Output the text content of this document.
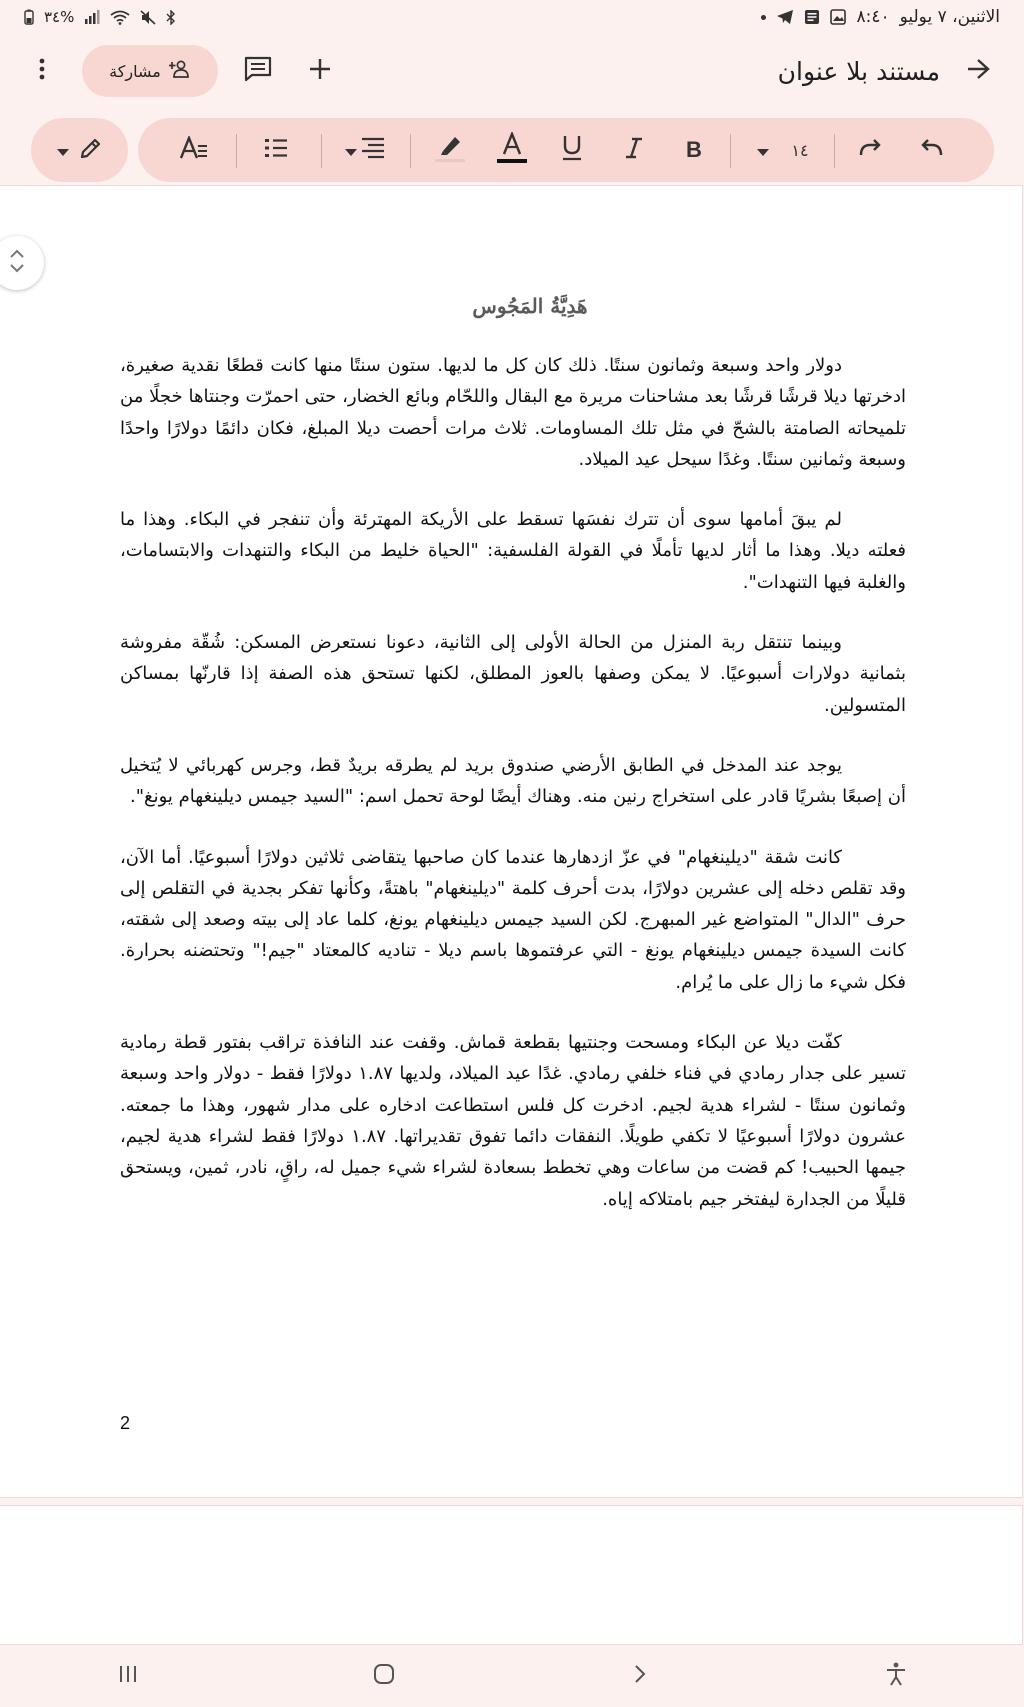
٣٤%	٨:٤٠ الاثنين، ٧ يوليو
مشاركة	مستند بلا عنوان
B	١٤
هَدِيَّةُ المَجُوس

دولار واحد وسبعة وثمانون سنتًا. ذلك كان كل ما لديها. ستون سنتًا منها كانت قطعًا نقدية صغيرة، ادخرتها ديلا قرشًا قرشًا بعد مشاحنات مريرة مع البقال واللحّام وبائع الخضار، حتى احمرّت وجنتاها خجلًا من تلميحاته الصامتة بالشحّ في مثل تلك المساومات. ثلاث مرات أحصت ديلا المبلغ، فكان دائمًا دولارًا واحدًا وسبعة وثمانين سنتًا. وغدًا سيحل عيد الميلاد.

لم يبقَ أمامها سوى أن تترك نفسَها تسقط على الأريكة المهترئة وأن تنفجر في البكاء. وهذا ما فعلته ديلا. وهذا ما أثار لديها تأملًا في القولة الفلسفية: "الحياة خليط من البكاء والتنهدات والابتسامات، والغلبة فيها التنهدات".

وبينما تنتقل ربة المنزل من الحالة الأولى إلى الثانية، دعونا نستعرض المسكن: شُقّة مفروشة بثمانية دولارات أسبوعيًا. لا يمكن وصفها بالعوز المطلق، لكنها تستحق هذه الصفة إذا قارنّها بمساكن المتسولين.

يوجد عند المدخل في الطابق الأرضي صندوق بريد لم يطرقه بريدٌ قط، وجرس كهربائي لا يُتخيل أن إصبعًا بشريًا قادر على استخراج رنين منه. وهناك أيضًا لوحة تحمل اسم: "السيد جيمس ديلينغهام يونغ".

كانت شقة "ديلينغهام" في عزّ ازدهارها عندما كان صاحبها يتقاضى ثلاثين دولارًا أسبوعيًا. أما الآن، وقد تقلص دخله إلى عشرين دولارًا، بدت أحرف كلمة "ديلينغهام" باهتةً، وكأنها تفكر بجدية في التقلص إلى حرف "الدال" المتواضع غير المبهرج. لكن السيد جيمس ديلينغهام يونغ، كلما عاد إلى بيته وصعد إلى شقته، كانت السيدة جيمس ديلينغهام يونغ - التي عرفتموها باسم ديلا - تناديه كالمعتاد "جيم!" وتحتضنه بحرارة. فكل شيء ما زال على ما يُرام.

كفّت ديلا عن البكاء ومسحت وجنتيها بقطعة قماش. وقفت عند النافذة تراقب بفتور قطة رمادية تسير على جدار رمادي في فناء خلفي رمادي. غدًا عيد الميلاد، ولديها ١.٨٧ دولارًا فقط - دولار واحد وسبعة وثمانون سنتًا - لشراء هدية لجيم. ادخرت كل فلس استطاعت ادخاره على مدار شهور، وهذا ما جمعته. عشرون دولارًا أسبوعيًا لا تكفي طويلًا. النفقات دائما تفوق تقديراتها. ١.٨٧ دولارًا فقط لشراء هدية لجيم، جيمها الحبيب! كم قضت من ساعات وهي تخطط بسعادة لشراء شيء جميل له، راقٍ، نادر، ثمين، ويستحق قليلًا من الجدارة ليفتخر جيم بامتلاكه إياه.

2
